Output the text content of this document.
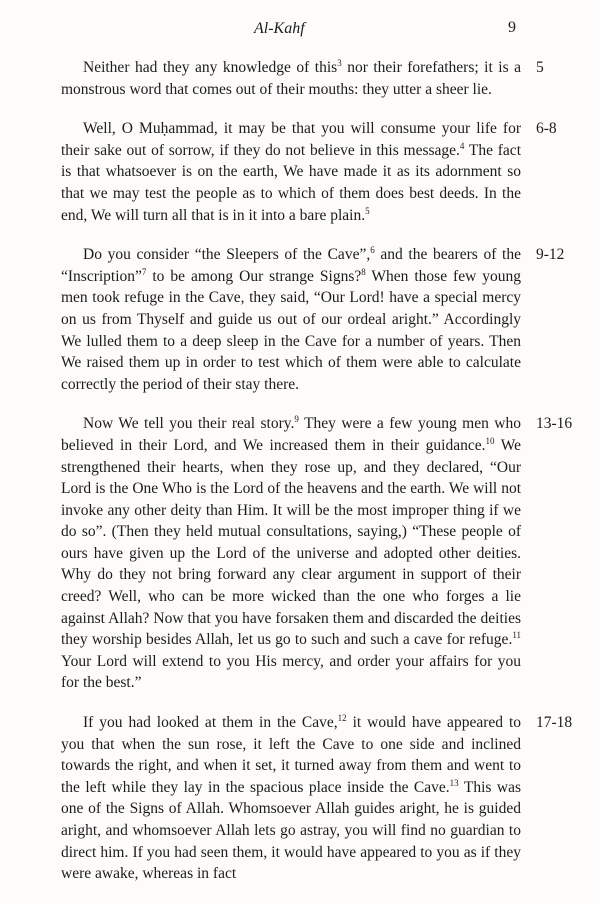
Al-Kahf	9

Neither had they any knowledge of this$^3$ nor their forefathers; it is a monstrous word that comes out of their mouths: they utter a sheer lie.

5

Well, O Muḥammad, it may be that you will consume your life for their sake out of sorrow, if they do not believe in this message.$^4$ The fact is that whatsoever is on the earth, We have made it as its adornment so that we may test the people as to which of them does best deeds. In the end, We will turn all that is in it into a bare plain.$^5$

6-8

Do you consider “the Sleepers of the Cave”,$^6$ and the bearers of the “Inscription”$^7$ to be among Our strange Signs?$^8$ When those few young men took refuge in the Cave, they said, “Our Lord! have a special mercy on us from Thyself and guide us out of our ordeal aright.” Accordingly We lulled them to a deep sleep in the Cave for a number of years. Then We raised them up in order to test which of them were able to calculate correctly the period of their stay there.

9-12

Now We tell you their real story.$^9$ They were a few young men who believed in their Lord, and We increased them in their guidance.$^{10}$ We strengthened their hearts, when they rose up, and they declared, “Our Lord is the One Who is the Lord of the heavens and the earth. We will not invoke any other deity than Him. It will be the most improper thing if we do so”. (Then they held mutual consultations, saying,) “These people of ours have given up the Lord of the universe and adopted other deities. Why do they not bring forward any clear argument in support of their creed? Well, who can be more wicked than the one who forges a lie against Allah? Now that you have forsaken them and discarded the deities they worship besides Allah, let us go to such and such a cave for refuge.$^{11}$ Your Lord will extend to you His mercy, and order your affairs for you for the best.”

13-16

If you had looked at them in the Cave,$^{12}$ it would have appeared to you that when the sun rose, it left the Cave to one side and inclined towards the right, and when it set, it turned away from them and went to the left while they lay in the spacious place inside the Cave.$^{13}$ This was one of the Signs of Allah. Whomsoever Allah guides aright, he is guided aright, and whomsoever Allah lets go astray, you will find no guardian to direct him. If you had seen them, it would have appeared to you as if they were awake, whereas in fact

17-18
